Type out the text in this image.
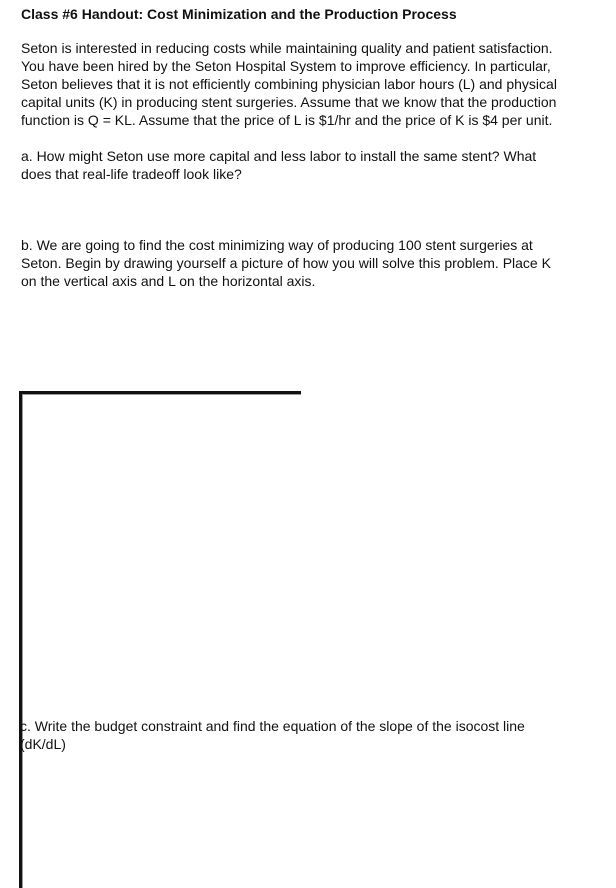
Class #6 Handout: Cost Minimization and the Production Process

Seton is interested in reducing costs while maintaining quality and patient satisfaction.
You have been hired by the Seton Hospital System to improve efficiency. In particular,
Seton believes that it is not efficiently combining physician labor hours (L) and physical
capital units (K) in producing stent surgeries. Assume that we know that the production
function is Q = KL. Assume that the price of L is $1/hr and the price of K is $4 per unit.

a. How might Seton use more capital and less labor to install the same stent? What
does that real-life tradeoff look like?

b. We are going to find the cost minimizing way of producing 100 stent surgeries at
Seton. Begin by drawing yourself a picture of how you will solve this problem. Place K
on the vertical axis and L on the horizontal axis.

c. Write the budget constraint and find the equation of the slope of the isocost line
(dK/dL)
